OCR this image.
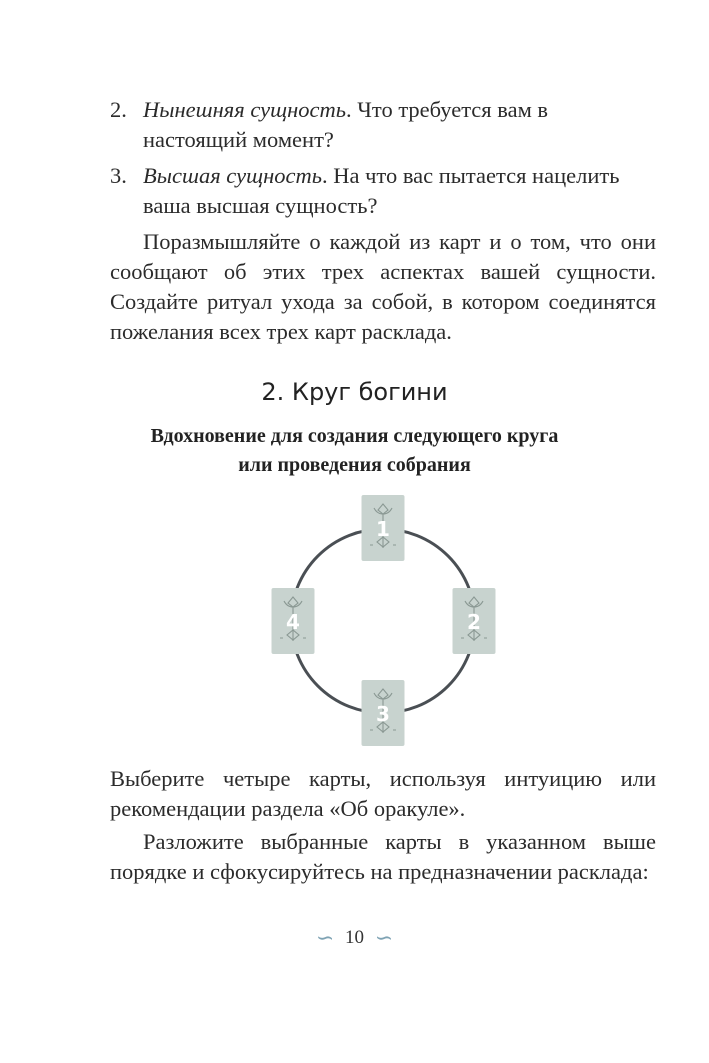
2. Нынешняя сущность. Что требуется вам в настоящий момент?

3. Высшая сущность. На что вас пытается нацелить ваша высшая сущность?

Поразмышляйте о каждой из карт и о том, что они сообщают об этих трех аспектах вашей сущности. Создайте ритуал ухода за собой, в котором соединятся пожелания всех трех карт расклада.

2. Круг богини

Вдохновение для создания следующего круга
или проведения собрания

1
2
3
4

Выберите четыре карты, используя интуицию или рекомендации раздела «Об оракуле».

Разложите выбранные карты в указанном выше порядке и сфокусируйтесь на предназначении расклада:

∽ 10 ∽
